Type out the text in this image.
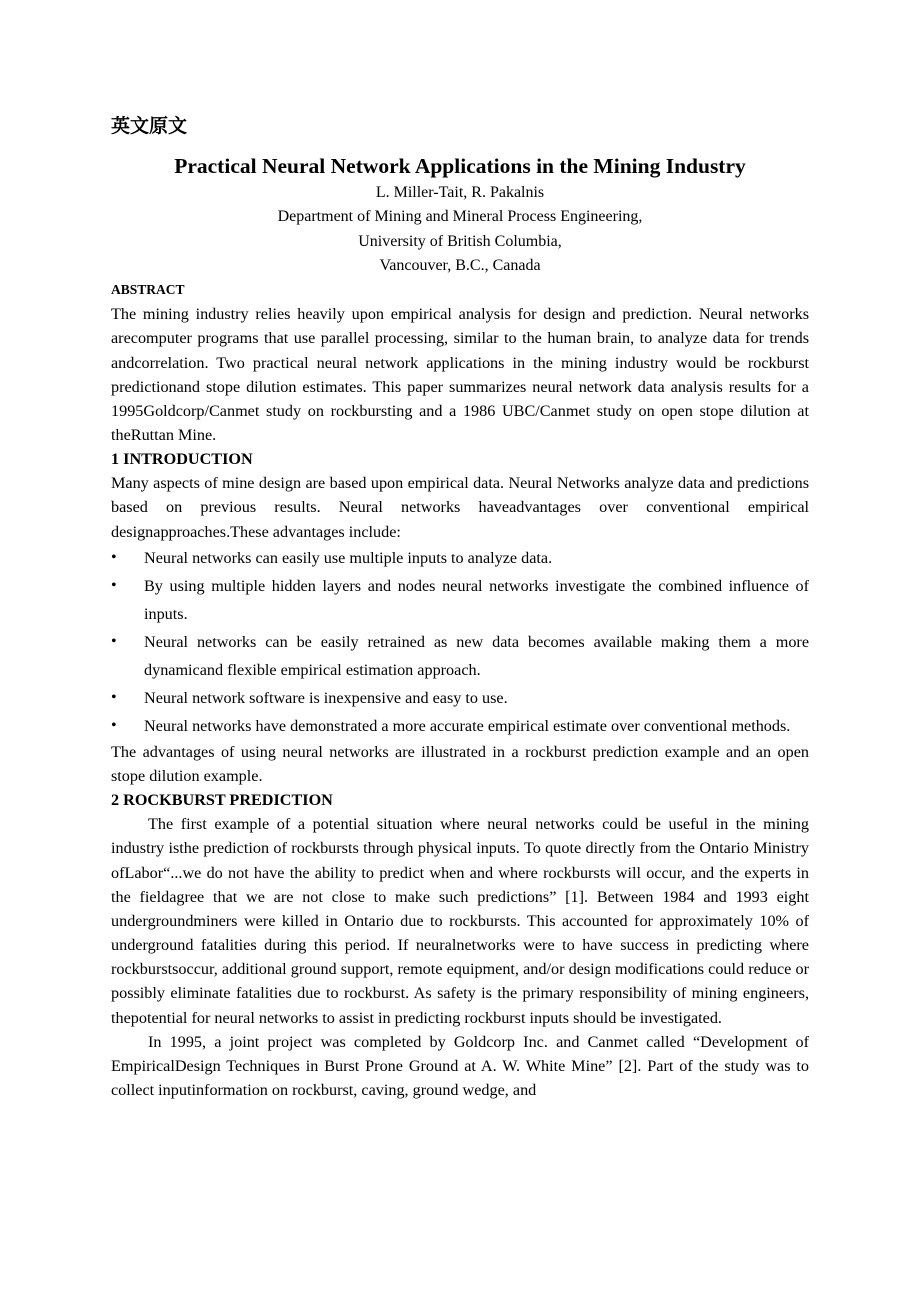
英文原文
Practical Neural Network Applications in the Mining Industry

L. Miller-Tait, R. Pakalnis

Department of Mining and Mineral Process Engineering,

University of British Columbia,

Vancouver, B.C., Canada

ABSTRACT

The mining industry relies heavily upon empirical analysis for design and prediction. Neural networks arecomputer programs that use parallel processing, similar to the human brain, to analyze data for trends andcorrelation. Two practical neural network applications in the mining industry would be rockburst predictionand stope dilution estimates. This paper summarizes neural network data analysis results for a 1995Goldcorp/Canmet study on rockbursting and a 1986 UBC/Canmet study on open stope dilution at theRuttan Mine.

1 INTRODUCTION

Many aspects of mine design are based upon empirical data. Neural Networks analyze data and predictions based on previous results. Neural networks haveadvantages over conventional empirical designapproaches.These advantages include:

• Neural networks can easily use multiple inputs to analyze data.
• By using multiple hidden layers and nodes neural networks investigate the combined influence of inputs.
• Neural networks can be easily retrained as new data becomes available making them a more dynamicand flexible empirical estimation approach.
• Neural network software is inexpensive and easy to use.
• Neural networks have demonstrated a more accurate empirical estimate over conventional methods.

The advantages of using neural networks are illustrated in a rockburst prediction example and an open stope dilution example.

2 ROCKBURST PREDICTION

The first example of a potential situation where neural networks could be useful in the mining industry isthe prediction of rockbursts through physical inputs. To quote directly from the Ontario Ministry ofLabor“...we do not have the ability to predict when and where rockbursts will occur, and the experts in the fieldagree that we are not close to make such predictions” [1]. Between 1984 and 1993 eight undergroundminers were killed in Ontario due to rockbursts. This accounted for approximately 10% of underground fatalities during this period. If neuralnetworks were to have success in predicting where rockburstsoccur, additional ground support, remote equipment, and/or design modifications could reduce or possibly eliminate fatalities due to rockburst. As safety is the primary responsibility of mining engineers, thepotential for neural networks to assist in predicting rockburst inputs should be investigated.

In 1995, a joint project was completed by Goldcorp Inc. and Canmet called “Development of EmpiricalDesign Techniques in Burst Prone Ground at A. W. White Mine” [2]. Part of the study was to collect inputinformation on rockburst, caving, ground wedge, and
